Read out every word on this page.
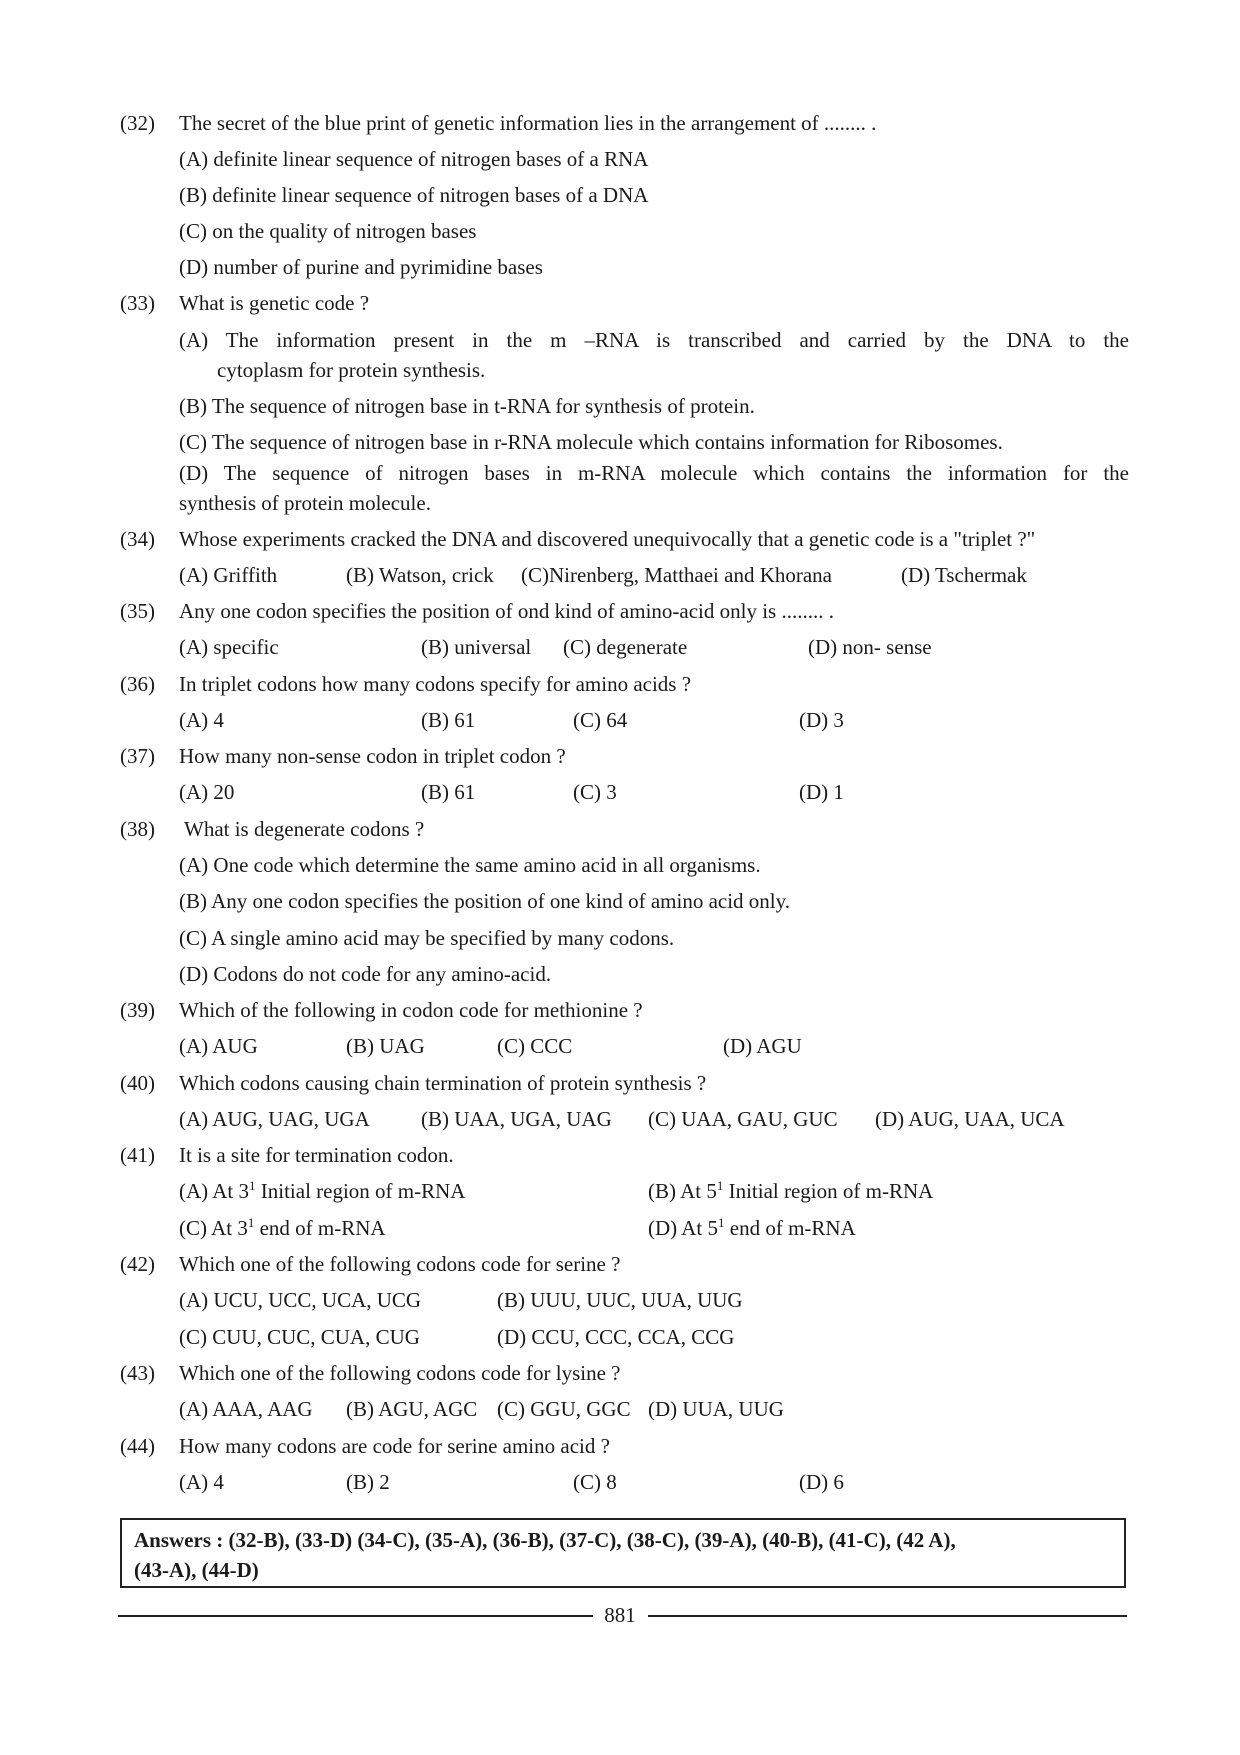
(32) The secret of the blue print of genetic information lies in the arrangement of ........ .
(A) definite linear sequence of nitrogen bases of a RNA
(B) definite linear sequence of nitrogen bases of a DNA
(C) on the quality of nitrogen bases
(D) number of purine and pyrimidine bases
(33) What is genetic code ?
(A) The information present in the m –RNA is transcribed and carried by the DNA to the
cytoplasm for protein synthesis.
(B) The sequence of nitrogen base in t-RNA for synthesis of protein.
(C) The sequence of nitrogen base in r-RNA molecule which contains information for Ribosomes.
(D) The sequence of nitrogen bases in m-RNA molecule which contains the information for the
synthesis of protein molecule.
(34) Whose experiments cracked the DNA and discovered unequivocally that a genetic code is a "triplet ?"
(A) Griffith	(B) Watson, crick (C)Nirenberg, Matthaei and Khorana	(D) Tschermak
(35) Any one codon specifies the position of ond kind of amino-acid only is ........ .
(A) specific	(B) universal (C) degenerate	(D) non- sense
(36) In triplet codons how many codons specify for amino acids ?
(A) 4	(B) 61	(C) 64	(D) 3
(37) How many non-sense codon in triplet codon ?
(A) 20	(B) 61	(C) 3	(D) 1
(38) What is degenerate codons ?
(A) One code which determine the same amino acid in all organisms.
(B) Any one codon specifies the position of one kind of amino acid only.
(C) A single amino acid may be specified by many codons.
(D) Codons do not code for any amino-acid.
(39) Which of the following in codon code for methionine ?
(A) AUG	(B) UAG	(C) CCC	(D) AGU
(40) Which codons causing chain termination of protein synthesis ?
(A) AUG, UAG, UGA (B) UAA, UGA, UAG (C) UAA, GAU, GUC (D) AUG, UAA, UCA
(41) It is a site for termination codon.
(A) At $3^1$ Initial region of m-RNA	(B) At $5^1$ Initial region of m-RNA
(C) At $3^1$ end of m-RNA	(D) At $5^1$ end of m-RNA
(42) Which one of the following codons code for serine ?
(A) UCU, UCC, UCA, UCG	(B) UUU, UUC, UUA, UUG
(C) CUU, CUC, CUA, CUG	(D) CCU, CCC, CCA, CCG
(43) Which one of the following codons code for lysine ?
(A) AAA, AAG (B) AGU, AGC (C) GGU, GGC (D) UUA, UUG
(44) How many codons are code for serine amino acid ?
(A) 4	(B) 2	(C) 8	(D) 6
Answers : (32-B), (33-D) (34-C), (35-A), (36-B), (37-C), (38-C), (39-A), (40-B), (41-C), (42 A),
(43-A), (44-D)
881
